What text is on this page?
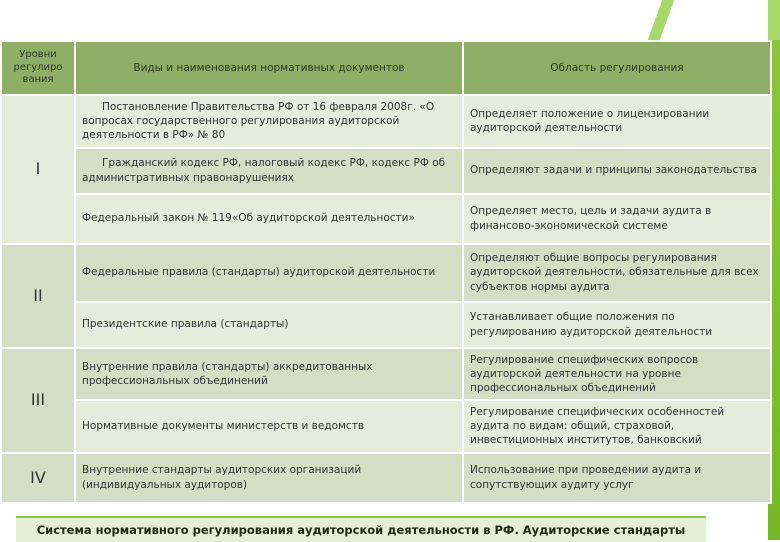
Уровни регулиро вания	Виды и наименования нормативных документов	Область регулирования
I	Постановление Правительства РФ от 16 февраля 2008г. «О вопросах государственного регулирования аудиторской деятельности в РФ» № 80	Определяет положение о лицензировании аудиторской деятельности
	Гражданский кодекс РФ, налоговый кодекс РФ, кодекс РФ об административных правонарушениях	Определяют задачи и принципы законодательства
	Федеральный закон № 119«Об аудиторской деятельности»	Определяет место, цель и задачи аудита в финансово-экономической системе
II	Федеральные правила (стандарты) аудиторской деятельности	Определяют общие вопросы регулирования аудиторской деятельности, обязательные для всех субъектов нормы аудита
	Президентские правила (стандарты)	Устанавливает общие положения по регулированию аудиторской деятельности
III	Внутренние правила (стандарты) аккредитованных профессиональных объединений	Регулирование специфических вопросов аудиторской деятельности на уровне профессиональных объединений
	Нормативные документы министерств и ведомств	Регулирование специфических особенностей аудита по видам: общий, страховой, инвестиционных институтов, банковский
IV	Внутренние стандарты аудиторских организаций (индивидуальных аудиторов)	Использование при проведении аудита и сопутствующих аудиту услуг
Система нормативного регулирования аудиторской деятельности в РФ. Аудиторские стандарты
